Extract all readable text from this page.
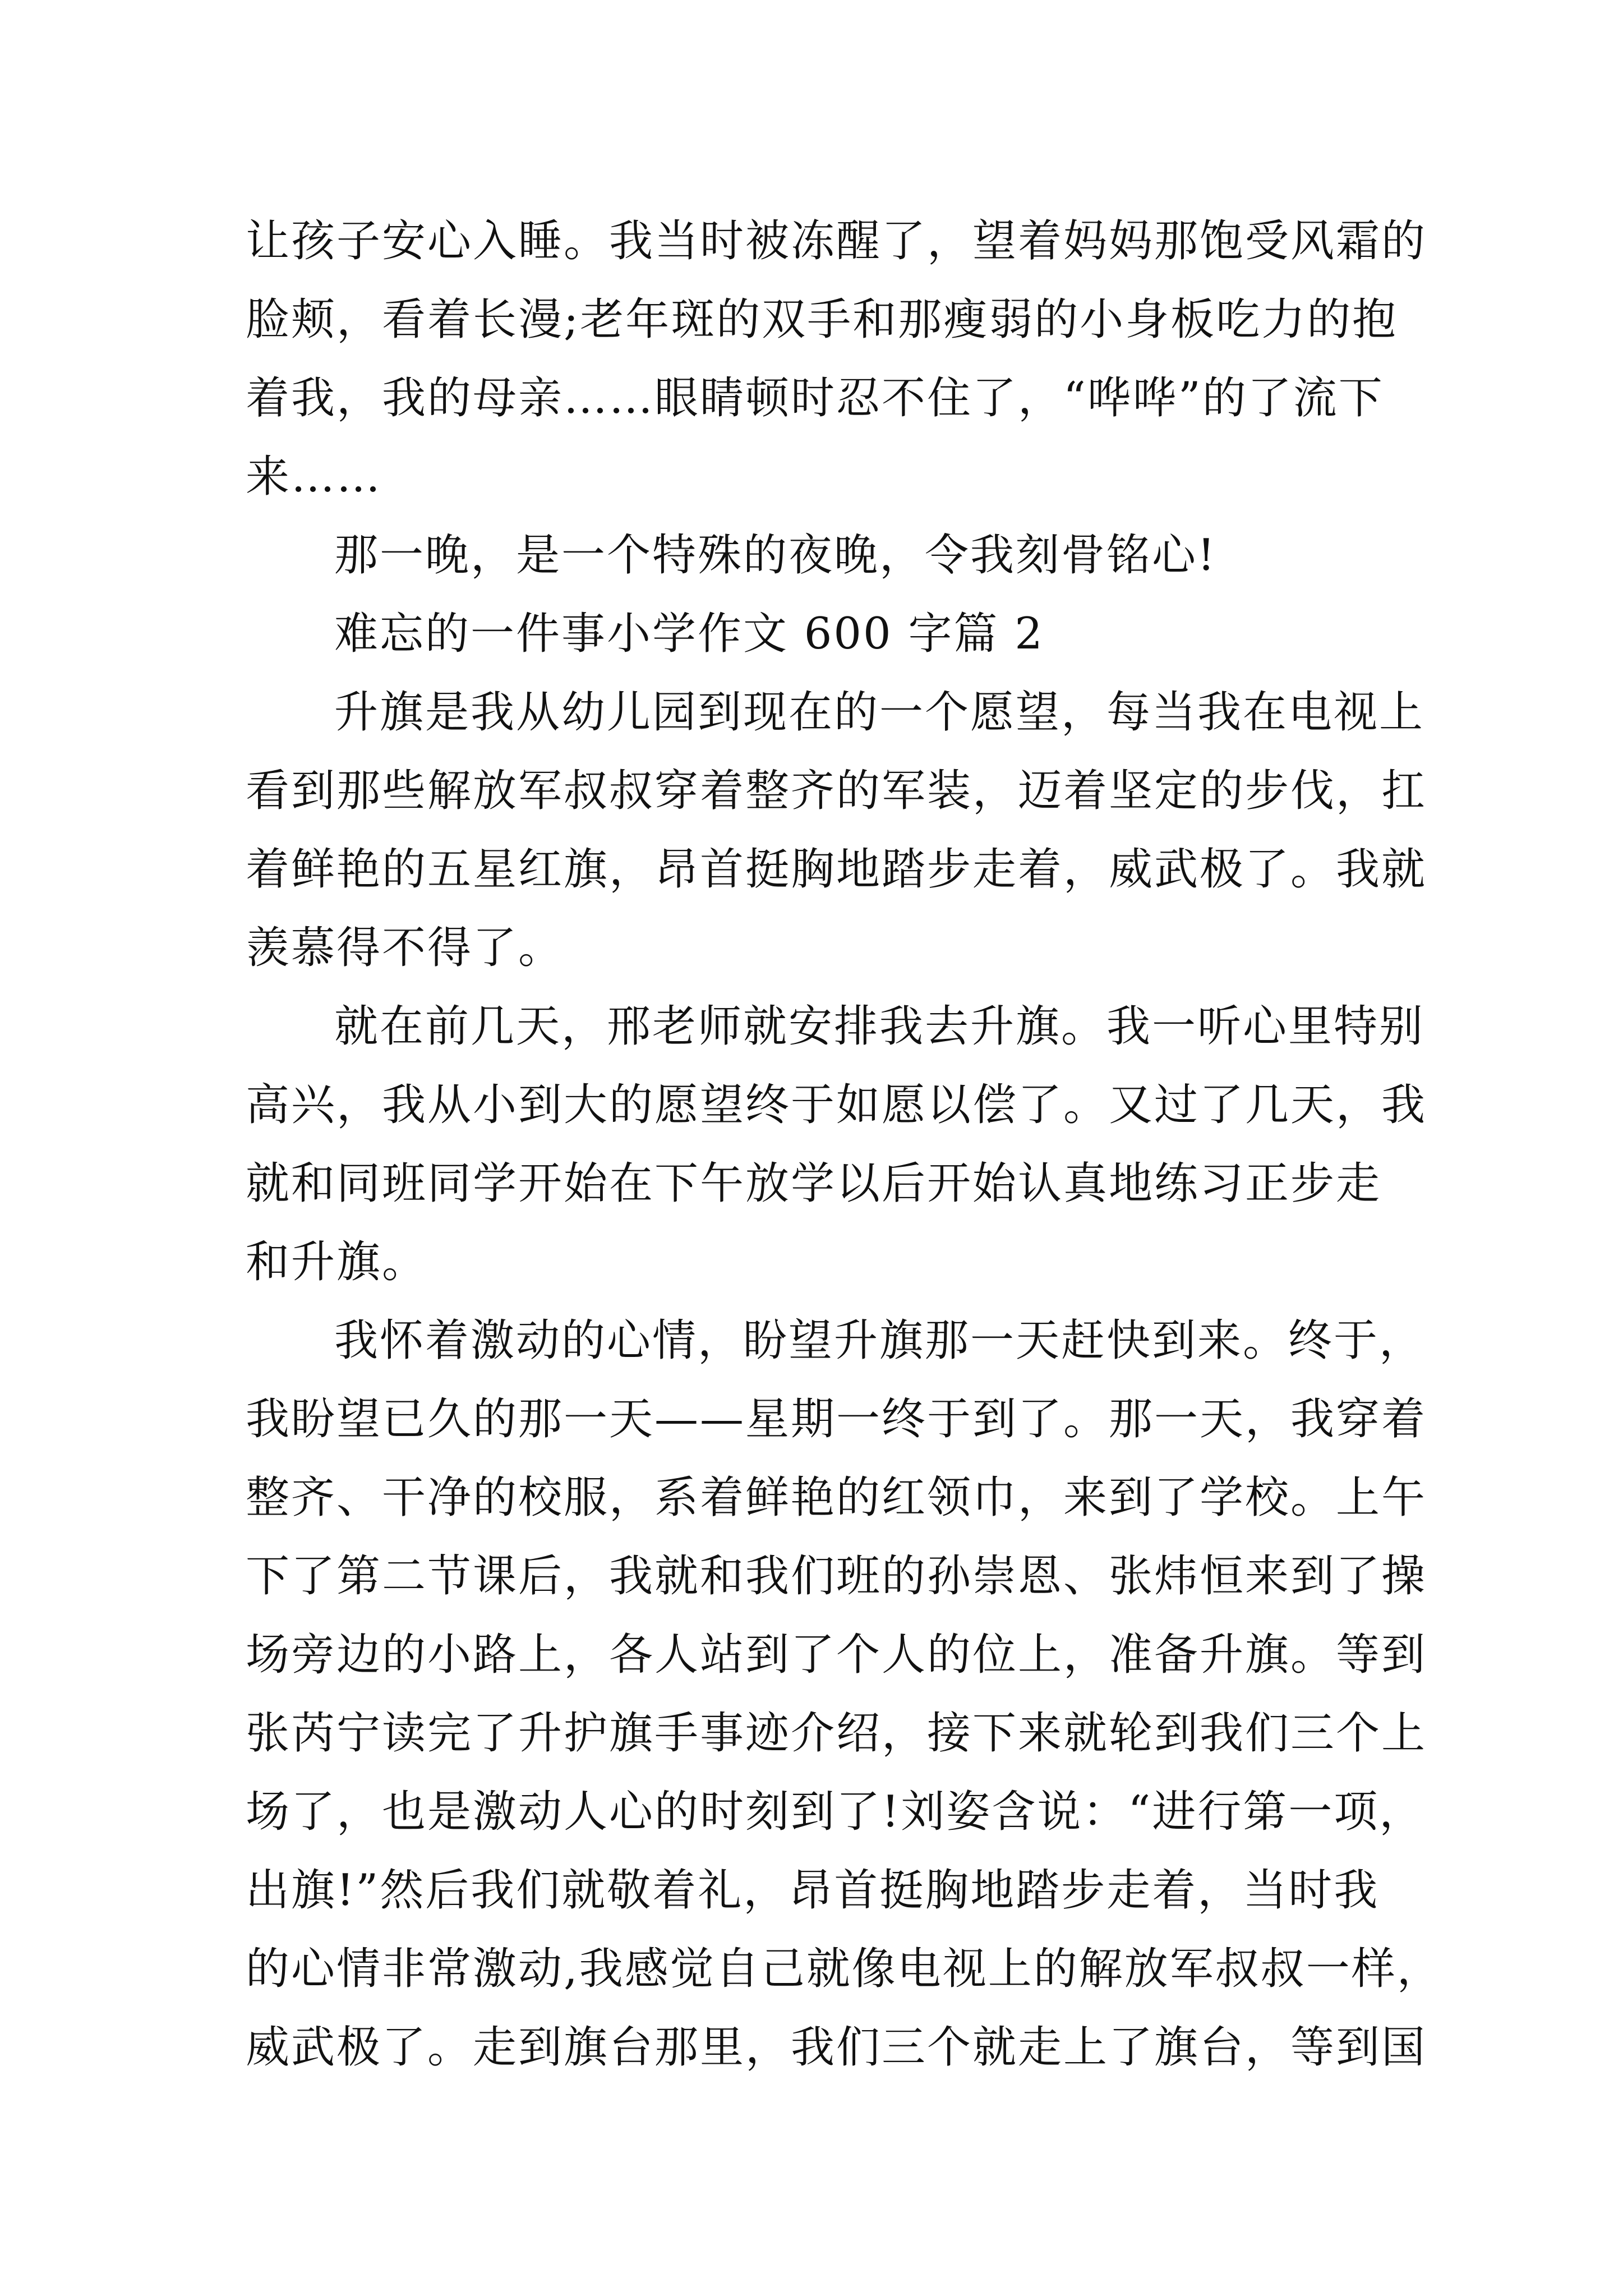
让孩子安心入睡。我当时被冻醒了，望着妈妈那饱受风霜的
脸颊，看着长漫;老年斑的双手和那瘦弱的小身板吃力的抱
着我，我的母亲……眼睛顿时忍不住了，“哗哗”的了流下
来……
那一晚，是一个特殊的夜晚，令我刻骨铭心!
难忘的一件事小学作文 600 字篇 2
升旗是我从幼儿园到现在的一个愿望，每当我在电视上
看到那些解放军叔叔穿着整齐的军装，迈着坚定的步伐，扛
着鲜艳的五星红旗，昂首挺胸地踏步走着，威武极了。我就
羡慕得不得了。
就在前几天，邢老师就安排我去升旗。我一听心里特别
高兴，我从小到大的愿望终于如愿以偿了。又过了几天，我
就和同班同学开始在下午放学以后开始认真地练习正步走
和升旗。
我怀着激动的心情，盼望升旗那一天赶快到来。终于，
我盼望已久的那一天——星期一终于到了。那一天，我穿着
整齐、干净的校服，系着鲜艳的红领巾，来到了学校。上午
下了第二节课后，我就和我们班的孙崇恩、张炜恒来到了操
场旁边的小路上，各人站到了个人的位上，准备升旗。等到
张芮宁读完了升护旗手事迹介绍，接下来就轮到我们三个上
场了，也是激动人心的时刻到了!刘姿含说：“进行第一项，
出旗!”然后我们就敬着礼，昂首挺胸地踏步走着，当时我
的心情非常激动,我感觉自己就像电视上的解放军叔叔一样，
威武极了。走到旗台那里，我们三个就走上了旗台，等到国
